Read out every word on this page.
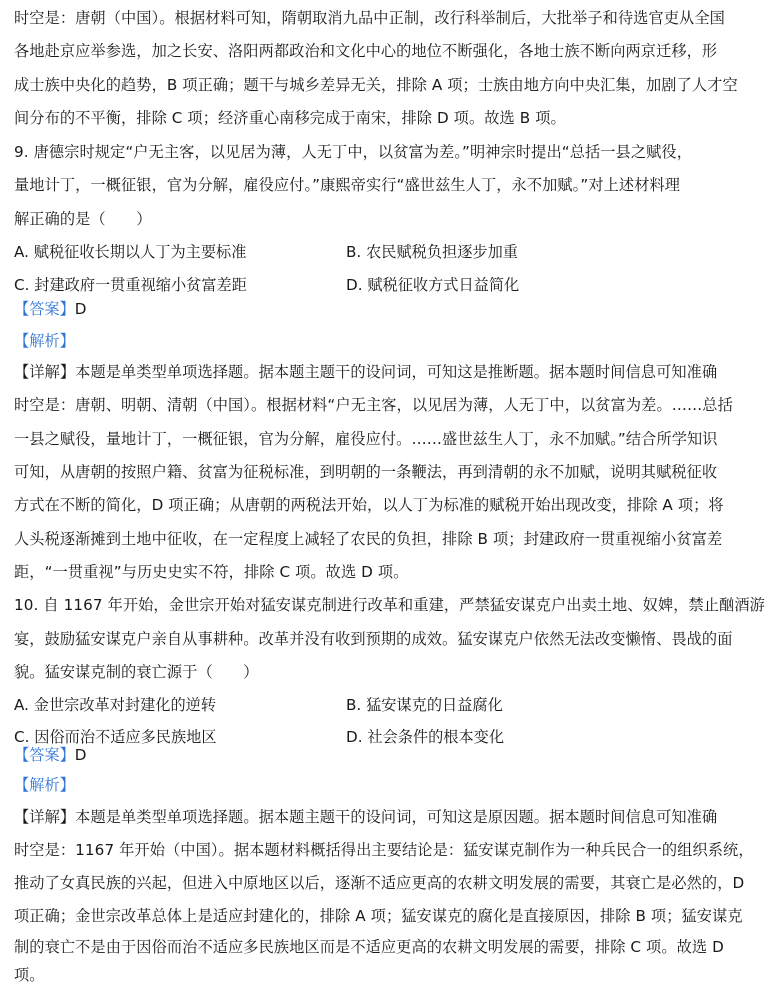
时空是：唐朝（中国）。根据材料可知，隋朝取消九品中正制，改行科举制后，大批举子和待选官吏从全国
各地赴京应举参选，加之长安、洛阳两都政治和文化中心的地位不断强化，各地士族不断向两京迁移，形
成士族中央化的趋势，B 项正确；题干与城乡差异无关，排除 A 项；士族由地方向中央汇集，加剧了人才空
间分布的不平衡，排除 C 项；经济重心南移完成于南宋，排除 D 项。故选 B 项。
9. 唐德宗时规定“户无主客，以见居为薄，人无丁中，以贫富为差。”明神宗时提出“总括一县之赋役，
量地计丁，一概征银，官为分解，雇役应付。”康熙帝实行“盛世兹生人丁，永不加赋。”对上述材料理
解正确的是（　　）
A. 赋税征收长期以人丁为主要标准	B. 农民赋税负担逐步加重
C. 封建政府一贯重视缩小贫富差距	D. 赋税征收方式日益简化
【答案】D
【解析】
【详解】本题是单类型单项选择题。据本题主题干的设问词，可知这是推断题。据本题时间信息可知准确
时空是：唐朝、明朝、清朝（中国）。根据材料“户无主客，以见居为薄，人无丁中，以贫富为差。……总括
一县之赋役，量地计丁，一概征银，官为分解，雇役应付。……盛世兹生人丁，永不加赋。”结合所学知识
可知，从唐朝的按照户籍、贫富为征税标准，到明朝的一条鞭法，再到清朝的永不加赋，说明其赋税征收
方式在不断的简化，D 项正确；从唐朝的两税法开始，以人丁为标准的赋税开始出现改变，排除 A 项；将
人头税逐渐摊到土地中征收，在一定程度上减轻了农民的负担，排除 B 项；封建政府一贯重视缩小贫富差
距，“一贯重视”与历史史实不符，排除 C 项。故选 D 项。
10. 自 1167 年开始，金世宗开始对猛安谋克制进行改革和重建，严禁猛安谋克户出卖土地、奴婢，禁止酗酒游
宴，鼓励猛安谋克户亲自从事耕种。改革并没有收到预期的成效。猛安谋克户依然无法改变懒惰、畏战的面
貌。猛安谋克制的衰亡源于（　　）
A. 金世宗改革对封建化的逆转	B. 猛安谋克的日益腐化
C. 因俗而治不适应多民族地区	D. 社会条件的根本变化
【答案】D
【解析】
【详解】本题是单类型单项选择题。据本题主题干的设问词，可知这是原因题。据本题时间信息可知准确
时空是：1167 年开始（中国）。据本题材料概括得出主要结论是：猛安谋克制作为一种兵民合一的组织系统，
推动了女真民族的兴起，但进入中原地区以后，逐渐不适应更高的农耕文明发展的需要，其衰亡是必然的，D
项正确；金世宗改革总体上是适应封建化的，排除 A 项；猛安谋克的腐化是直接原因，排除 B 项；猛安谋克
制的衰亡不是由于因俗而治不适应多民族地区而是不适应更高的农耕文明发展的需要，排除 C 项。故选 D
项。
